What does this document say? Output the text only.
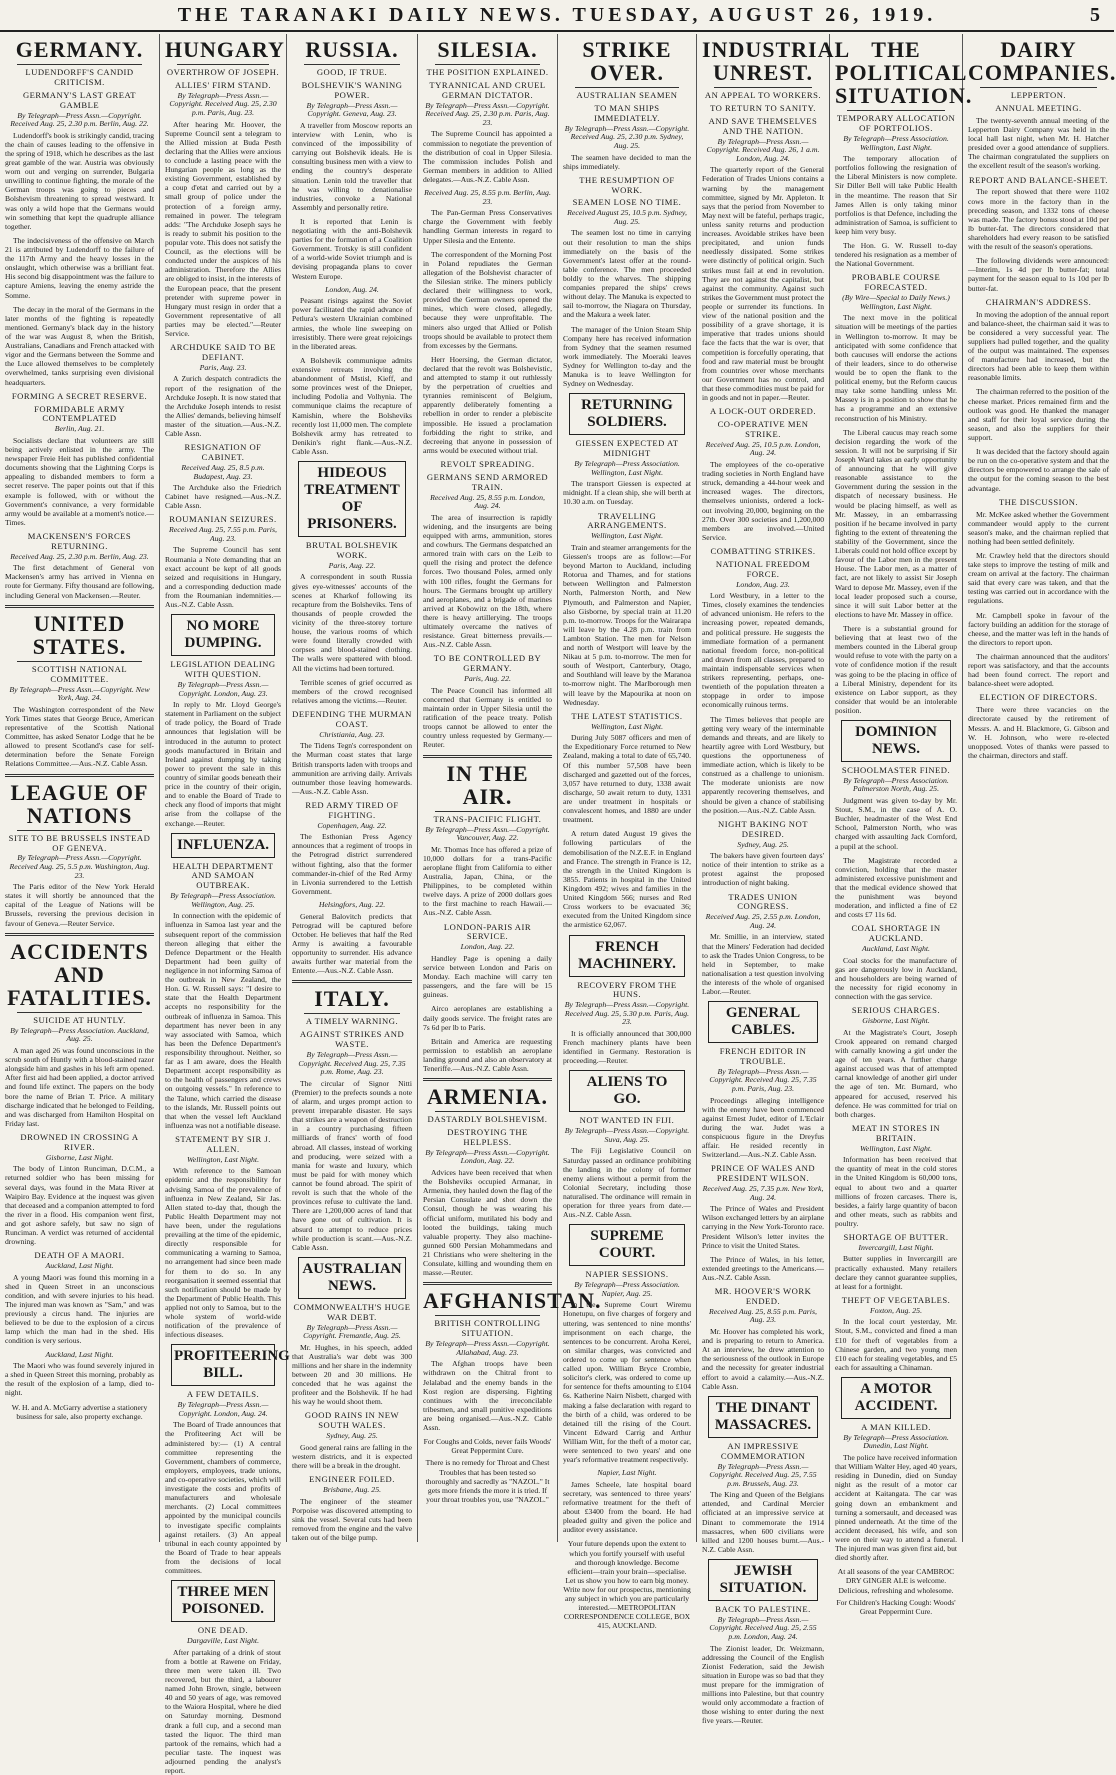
THE TARANAKI DAILY NEWS. TUESDAY, AUGUST 26, 1919.	5
GERMANY.
LUDENDORFF'S CANDID CRITICISM.
GERMANY'S LAST GREAT GAMBLE
By Telegraph—Press Assn.—Copyright. Received Aug. 25, 2.30 p.m. Berlin, Aug. 22.
Ludendorff's book is strikingly candid, tracing the chain of causes leading to the offensive in the spring of 1918, which he describes as the last great gamble of the war. Austria was obviously worn out and verging on surrender, Bulgaria unwilling to continue fighting, the morale of the German troops was going to pieces and Bolshevism threatening to spread westward. It was only a wild hope that the Germans would win something that kept the quadruple alliance together.
The indecisiveness of the offensive on March 21 is attributed by Ludendorff to the failure of the 117th Army and the heavy losses in the onslaught, which otherwise was a brilliant feat. His second big disappointment was the failure to capture Amiens, leaving the enemy astride the Somme.
The decay in the moral of the Germans in the later months of the fighting is repeatedly mentioned. Germany's black day in the history of the war was August 8, when the British, Australians, Canadians and French attacked with vigor and the Germans between the Somme and the Luce allowed themselves to be completely overwhelmed, tanks surprising even divisional headquarters.
FORMING A SECRET RESERVE.
FORMIDABLE ARMY CONTEMPLATED
Berlin, Aug. 21.
Socialists declare that volunteers are still being actively enlisted in the army. The newspaper Freie Heit has published confidential documents showing that the Lightning Corps is appealing to disbanded members to form a secret reserve. The paper points out that if this example is followed, with or without the Government's connivance, a very formidable army would be available at a moment's notice.—Times.
MACKENSEN'S FORCES RETURNING.
Received Aug. 25, 2.30 p.m. Berlin, Aug. 23.
The first detachment of General von Mackensen's army has arrived in Vienna en route for Germany. Fifty thousand are following, including General von Mackensen.—Reuter.
UNITED STATES.
SCOTTISH NATIONAL COMMITTEE.
By Telegraph—Press Assn.—Copyright. New York, Aug. 24.
The Washington correspondent of the New York Times states that George Bruce, American representative of the Scottish National Committee, has asked Senator Lodge that he be allowed to present Scotland's case for self-determination before the Senate Foreign Relations Committee.—Aus.-N.Z. Cable Assn.
LEAGUE OF NATIONS
SITE TO BE BRUSSELS INSTEAD OF GENEVA.
By Telegraph—Press Assn.—Copyright. Received Aug. 25, 5.5 p.m. Washington, Aug. 23.
The Paris editor of the New York Herald states it will shortly be announced that the capital of the League of Nations will be Brussels, reversing the previous decision in favour of Geneva.—Reuter Service.
ACCIDENTS AND FATALITIES.
SUICIDE AT HUNTLY.
By Telegraph—Press Association. Auckland, Aug. 25.
A man aged 26 was found unconscious in the scrub south of Huntly with a blood-stained razor alongside him and gashes in his left arm opened. After first aid had been applied, a doctor arrived and found life extinct. The papers on the body bore the name of Brian T. Price. A military discharge indicated that he belonged to Feilding, and was discharged from Hamilton Hospital on Friday last.
DROWNED IN CROSSING A RIVER.
Gisborne, Last Night.
The body of Linton Runciman, D.C.M., a returned soldier who has been missing for several days, was found in the Mata River at Waipiro Bay. Evidence at the inquest was given that deceased and a companion attempted to ford the river in a flood. His companion went first, and got ashore safely, but saw no sign of Runciman. A verdict was returned of accidental drowning.
DEATH OF A MAORI.
Auckland, Last Night.
A young Maori was found this morning in a shed in Queen Street in an unconscious condition, and with severe injuries to his head. The injured man was known as "Sam," and was previously a circus hand. The injuries are believed to be due to the explosion of a circus lamp which the man had in the shed. His condition is very serious.
Auckland, Last Night.
The Maori who was found severely injured in a shed in Queen Street this morning, probably as the result of the explosion of a lamp, died to-night.
W. H. and A. McGarry advertise a stationery business for sale, also property exchange.
HUNGARY
OVERTHROW OF JOSEPH.
ALLIES' FIRM STAND.
By Telegraph—Press Assn.—Copyright. Received Aug. 25, 2.30 p.m. Paris, Aug. 23.
After hearing Mr. Hoover, the Supreme Council sent a telegram to the Allied mission at Buda Pesth declaring that the Allies were anxious to conclude a lasting peace with the Hungarian people as long as the existing Government, established by a coup d'etat and carried out by a small group of police under the protection of a foreign army, remained in power. The telegram adds: "The Archduke Joseph says he is ready to submit his position to the popular vote. This does not satisfy the Council, as the elections will be conducted under the auspices of his administration. Therefore the Allies are obliged to insist, in the interests of the European peace, that the present pretender with supreme power in Hungary must resign in order that a Government representative of all parties may be elected."—Reuter Service.
ARCHDUKE SAID TO BE DEFIANT.
Paris, Aug. 23.
A Zurich despatch contradicts the report of the resignation of the Archduke Joseph. It is now stated that the Archduke Joseph intends to resist the Allies' demands, believing himself master of the situation.—Aus.-N.Z. Cable Assn.
RESIGNATION OF CABINET.
Received Aug. 25, 8.5 p.m. Budapest, Aug. 23.
The Archduke also the Friedrich Cabinet have resigned.—Aus.-N.Z. Cable Assn.
ROUMANIAN SEIZURES.
Received Aug. 25, 7.55 p.m. Paris, Aug. 23.
The Supreme Council has sent Roumania a Note demanding that an exact account be kept of all goods seized and requisitions in Hungary, and a corresponding deduction made from the Roumanian indemnities.—Aus.-N.Z. Cable Assn.
NO MORE DUMPING.
LEGISLATION DEALING WITH QUESTION.
By Telegraph—Press Assn.—Copyright. London, Aug. 23.
In reply to Mr. Lloyd George's statement in Parliament on the subject of trade policy, the Board of Trade announces that legislation will be introduced in the autumn to protect goods manufactured in Britain and Ireland against dumping by taking power to prevent the sale in this country of similar goods beneath their price in the country of their origin, and to enable the Board of Trade to check any flood of imports that might arise from the collapse of the exchange.—Reuter.
INFLUENZA.
HEALTH DEPARTMENT AND SAMOAN OUTBREAK.
By Telegraph—Press Association. Wellington, Aug. 25.
In connection with the epidemic of influenza in Samoa last year and the subsequent report of the commission thereon alleging that either the Defence Department or the Health Department had been guilty of negligence in not informing Samoa of the outbreak in New Zealand, the Hon. G. W. Russell says: "I desire to state that the Health Department accepts no responsibility for the outbreak of influenza in Samoa. This department has never been in any way associated with Samoa, which has been the Defence Department's responsibility throughout. Neither, so far as I am aware, does the Health Department accept responsibility as to the health of passengers and crews on outgoing vessels." In reference to the Talune, which carried the disease to the islands, Mr. Russell points out that when the vessel left Auckland influenza was not a notifiable disease.
STATEMENT BY SIR J. ALLEN.
Wellington, Last Night.
With reference to the Samoan epidemic and the responsibility for advising Samoa of the prevalence of influenza in New Zealand, Sir Jas. Allen stated to-day that, though the Public Health Department may not have been, under the regulations prevailing at the time of the epidemic, directly responsible for communicating a warning to Samoa, no arrangement had since been made for them to do so. In any reorganisation it seemed essential that such notification should be made by the Department of Public Health. This applied not only to Samoa, but to the whole system of world-wide notification of the prevalence of infectious diseases.
PROFITEERING BILL.
A FEW DETAILS.
By Telegraph—Press Assn.—Copyright. London, Aug. 24.
The Board of Trade announces that the Profiteering Act will be administered by:— (1) A central committee representing the Government, chambers of commerce, employers, employees, trade unions, and co-operative societies, which will investigate the costs and profits of manufacturers and wholesale merchants. (2) Local committees appointed by the municipal councils to investigate specific complaints against retailers. (3) An appeal tribunal in each county appointed by the Board of Trade to hear appeals from the decisions of local committees.
THREE MEN POISONED.
ONE DEAD.
Dargaville, Last Night.
After partaking of a drink of stout from a bottle at Rawene on Friday, three men were taken ill. Two recovered, but the third, a labourer named John Brown, single, between 40 and 50 years of age, was removed to the Waiora Hospital, where he died on Saturday morning. Desmond drank a full cup, and a second man tasted the liquor. The third man partook of the remains, which had a peculiar taste. The inquest was adjourned pending the analyst's report.
RUSSIA.
GOOD, IF TRUE.
BOLSHEVIK'S WANING POWER.
By Telegraph—Press Assn.—Copyright. Geneva, Aug. 23.
A traveller from Moscow reports an interview with Lenin, who is convinced of the impossibility of carrying out Bolshevik ideals. He is consulting business men with a view to ending the country's desperate situation. Lenin told the traveller that he was willing to denationalise industries, convoke a National Assembly and personally retire.
It is reported that Lenin is negotiating with the anti-Bolshevik parties for the formation of a Coalition Government. Trotsky is still confident of a world-wide Soviet triumph and is devising propaganda plans to cover Western Europe.
London, Aug. 24.
Peasant risings against the Soviet power facilitated the rapid advance of Petlura's western Ukrainian combined armies, the whole line sweeping on irresistibly. There were great rejoicings in the liberated areas.
A Bolshevik communique admits extensive retreats involving the abandonment of Mstisl, Kieff, and some provinces west of the Dnieper, including Podolia and Volhynia. The communique claims the recapture of Kamishin, where the Bolsheviks recently lost 11,000 men. The complete Bolshevik army has retreated to Denikin's right flank.—Aus.-N.Z. Cable Assn.
HIDEOUS TREATMENT OF PRISONERS.
BRUTAL BOLSHEVIK WORK.
Paris, Aug. 22.
A correspondent in south Russia gives eye-witnesses' accounts of the scenes at Kharkof following its recapture from the Bolsheviks. Tens of thousands of people crowded the vicinity of the three-storey torture house, the various rooms of which were found literally crowded with corpses and blood-stained clothing. The walls were spattered with blood. All the victims had been tortured.
Terrible scenes of grief occurred as members of the crowd recognised relatives among the victims.—Reuter.
DEFENDING THE MURMAN COAST.
Christiania, Aug. 23.
The Tidens Tegn's correspondent on the Murman coast states that large British transports laden with troops and ammunition are arriving daily. Arrivals outnumber those leaving homewards.—Aus.-N.Z. Cable Assn.
RED ARMY TIRED OF FIGHTING.
Copenhagen, Aug. 22.
The Esthonian Press Agency announces that a regiment of troops in the Petrograd district surrendered without fighting, also that the former commander-in-chief of the Red Army in Livonia surrendered to the Lettish Government.
Helsingfors, Aug. 22.
General Balovitch predicts that Petrograd will be captured before October. He believes that half the Red Army is awaiting a favourable opportunity to surrender. His advance awaits further war material from the Entente.—Aus.-N.Z. Cable Assn.
ITALY.
A TIMELY WARNING.
AGAINST STRIKES AND WASTE.
By Telegraph—Press Assn.—Copyright. Received Aug. 25, 7.35 p.m. Rome, Aug. 23.
The circular of Signor Nitti (Premier) to the prefects sounds a note of alarm, and urges prompt action to prevent irreparable disaster. He says that strikes are a weapon of destruction in a country purchasing fifteen milliards of francs' worth of food abroad. All classes, instead of working and producing, were seized with a mania for waste and luxury, which must be paid for with money which cannot be found abroad. The spirit of revolt is such that the whole of the provinces refuse to cultivate the land. There are 1,200,000 acres of land that have gone out of cultivation. It is absurd to attempt to reduce prices while production is scant.—Aus.-N.Z. Cable Assn.
AUSTRALIAN NEWS.
COMMONWEALTH'S HUGE WAR DEBT.
By Telegraph—Press Assn.—Copyright. Fremantle, Aug. 25.
Mr. Hughes, in his speech, added that Australia's war debt was 300 millions and her share in the indemnity between 20 and 30 millions. He conceded that he was against the profiteer and the Bolshevik. If he had his way he would shoot them.
GOOD RAINS IN NEW SOUTH WALES.
Sydney, Aug. 25.
Good general rains are falling in the western districts, and it is expected there will be a break in the drought.
ENGINEER FOILED.
Brisbane, Aug. 25.
The engineer of the steamer Porpoise was discovered attempting to sink the vessel. Several cuts had been removed from the engine and the valve taken out of the bilge pump.
SILESIA.
THE POSITION EXPLAINED.
TYRANNICAL AND CRUEL GERMAN DICTATOR.
By Telegraph—Press Assn.—Copyright. Received Aug. 25, 2.30 p.m. Paris, Aug. 23.
The Supreme Council has appointed a commission to negotiate the prevention of the distribution of coal in Upper Silesia. The commission includes Polish and German members in addition to Allied delegates.—Aus.-N.Z. Cable Assn.
Received Aug. 25, 8.55 p.m. Berlin, Aug. 23.
The Pan-German Press Conservatives charge the Government with feebly handling German interests in regard to Upper Silesia and the Entente.
The correspondent of the Morning Post in Poland repudiates the German allegation of the Bolshevist character of the Silesian strike. The miners publicly declared their willingness to work, provided the German owners opened the mines, which were closed, allegedly, because they were unprofitable. The miners also urged that Allied or Polish troops should be available to protect them from excesses by the Germans.
Herr Hoersing, the German dictator, declared that the revolt was Bolshevistic, and attempted to stamp it out ruthlessly by the perpetration of cruelties and tyrannies reminiscent of Belgium, apparently deliberately fomenting a rebellion in order to render a plebiscite impossible. He issued a proclamation forbidding the right to strike, and decreeing that anyone in possession of arms would be executed without trial.
REVOLT SPREADING.
GERMANS SEND ARMORED TRAIN.
Received Aug. 25, 8.55 p.m. London, Aug. 24.
The area of insurrection is rapidly widening, and the insurgents are being equipped with arms, ammunition, stores and cowhurs. The Germans despatched an armored train with cars on the Leib to quell the rising and protect the defence forces. Two thousand Poles, armed only with 100 rifles, fought the Germans for hours. The Germans brought up artillery and aeroplanes, and a brigade of marines arrived at Kobowitz on the 18th, where there is heavy artillerying. The troops ultimately overcame the natives of resistance. Great bitterness prevails.—Aus.-N.Z. Cable Assn.
TO BE CONTROLLED BY GERMANY.
Paris, Aug. 22.
The Peace Council has informed all concerned that Germany is entitled to maintain order in Upper Silesia until the ratification of the peace treaty. Polish troops cannot be allowed to enter the country unless requested by Germany.—Reuter.
IN THE AIR.
TRANS-PACIFIC FLIGHT.
By Telegraph—Press Assn.—Copyright. Vancouver, Aug. 22.
Mr. Thomas Ince has offered a prize of 10,000 dollars for a trans-Pacific aeroplane flight from California to either Australia, Japan, China, or the Philippines, to be completed within twelve days. A prize of 2000 dollars goes to the first machine to reach Hawaii.—Aus.-N.Z. Cable Assn.
LONDON-PARIS AIR SERVICE.
London, Aug. 22.
Handley Page is opening a daily service between London and Paris on Monday. Each machine will carry ten passengers, and the fare will be 15 guineas.
Airco aeroplanes are establishing a daily goods service. The freight rates are 7s 6d per lb to Paris.
Britain and America are requesting permission to establish an aeroplane landing ground and also an observatory at Teneriffe.—Aus.-N.Z. Cable Assn.
ARMENIA.
DASTARDLY BOLSHEVISM.
DESTROYING THE HELPLESS.
By Telegraph—Press Assn.—Copyright. London, Aug. 22.
Advices have been received that when the Bolsheviks occupied Armanar, in Armenia, they hauled down the flag of the Persian Consulate and shot down the Consul, though he was wearing his official uniform, mutilated his body and looted the buildings, taking much valuable property. They also machine-gunned 600 Persian Mohammedans and 21 Christians who were sheltering in the Consulate, killing and wounding them en masse.—Reuter.
AFGHANISTAN.
BRITISH CONTROLLING SITUATION.
By Telegraph—Press Assn.—Copyright. Allahabad, Aug. 23.
The Afghan troops have been withdrawn on the Chitral front to Jelalabad and the enemy bands in the Kost region are dispersing. Fighting continues with the irreconcilable tribesmen, and small punitive expeditions are being organised.—Aus.-N.Z. Cable Assn.
For Coughs and Colds, never fails Woods' Great Peppermint Cure.
There is no remedy for Throat and Chest Troubles that has been tested so thoroughly and sacredly as "NAZOL." It gets more friends the more it is tried. If your throat troubles you, use "NAZOL."
STRIKE OVER.
AUSTRALIAN SEAMEN
TO MAN SHIPS IMMEDIATELY.
By Telegraph—Press Assn.—Copyright. Received Aug. 25, 2.30 p.m. Sydney, Aug. 25.
The seamen have decided to man the ships immediately.
THE RESUMPTION OF WORK.
SEAMEN LOSE NO TIME.
Received August 25, 10.5 p.m. Sydney, Aug. 25.
The seamen lost no time in carrying out their resolution to man the ships immediately on the basis of the Government's latest offer at the round-table conference. The men proceeded boldly to the wharves. The shipping companies prepared the ships' crews without delay. The Manuka is expected to sail to-morrow, the Niagara on Thursday, and the Makura a week later.
The manager of the Union Steam Ship Company here has received information from Sydney that the seamen resumed work immediately. The Moeraki leaves Sydney for Wellington to-day and the Manuka is to leave Wellington for Sydney on Wednesday.
RETURNING SOLDIERS.
GIESSEN EXPECTED AT MIDNIGHT
By Telegraph—Press Association. Wellington, Last Night.
The transport Giessen is expected at midnight. If a clean ship, she will berth at 10.30 a.m. on Tuesday.
TRAVELLING ARRANGEMENTS.
Wellington, Last Night.
Train and steamer arrangements for the Giessen's troops are as follow:—For beyond Marton to Auckland, including Rotorua and Thames, and for stations between Wellington and Palmerston North, Palmerston North, and New Plymouth, and Palmerston and Napier, also Gisborne, by special train at 11.20 p.m. to-morrow. Troops for the Wairarapa will leave by the 4.28 p.m. train from Lambton Station. The men for Nelson and north of Westport will leave by the Nikau at 5 p.m. to-morrow. The men for south of Westport, Canterbury, Otago, and Southland will leave by the Maranoa to-morrow night. The Marlborough men will leave by the Mapourika at noon on Wednesday.
THE LATEST STATISTICS.
Wellington, Last Night.
During July 5087 officers and men of the Expeditionary Force returned to New Zealand, making a total to date of 65,740. Of this number 57,508 have been discharged and gazetted out of the forces, 3,057 have returned to duty, 1338 await discharge, 50 await return to duty, 1331 are under treatment in hospitals or convalescent homes, and 1880 are under treatment.
A return dated August 19 gives the following particulars of the demobilisation of the N.Z.E.F. in England and France. The strength in France is 12, the strength in the United Kingdom is 3855. Patients in hospital in the United Kingdom 492; wives and families in the United Kingdom 566; nurses and Red Cross workers to be evacuated 36; executed from the United Kingdom since the armistice 62,067.
FRENCH MACHINERY.
RECOVERY FROM THE HUNS.
By Telegraph—Press Assn.—Copyright. Received Aug. 25, 5.30 p.m. Paris, Aug. 23.
It is officially announced that 300,000 French machinery plants have been identified in Germany. Restoration is proceeding.—Reuter.
ALIENS TO GO.
NOT WANTED IN FIJI.
By Telegraph—Press Assn.—Copyright. Suva, Aug. 25.
The Fiji Legislative Council on Saturday passed an ordinance prohibiting the landing in the colony of former enemy aliens without a permit from the Colonial Secretary, including those naturalised. The ordinance will remain in operation for three years from date.—Aus.-N.Z. Cable Assn.
SUPREME COURT.
NAPIER SESSIONS.
By Telegraph—Press Association. Napier, Aug. 25.
In the Supreme Court Wiremu Honetupu, on five charges of forgery and uttering, was sentenced to nine months' imprisonment on each charge, the sentences to be concurrent. Aroha Kerei, on similar charges, was convicted and ordered to come up for sentence when called upon. William Bryce Crombie, solicitor's clerk, was ordered to come up for sentence for thefts amounting to £104 6s. Katherine Nairn Nisbett, charged with making a false declaration with regard to the birth of a child, was ordered to be detained till the rising of the Court. Vincent Edward Carrig and Arthur William Witt, for the theft of a motor car, were sentenced to two years' and one year's reformative treatment respectively.
Napier, Last Night.
James Scheele, late hospital board secretary, was sentenced to three years' reformative treatment for the theft of about £3400 from the board. He had pleaded guilty and given the police and auditor every assistance.
Your future depends upon the extent to which you fortify yourself with useful and thorough knowledge. Become efficient—train your brain—specialise. Let us show you how to earn big money. Write now for our prospectus, mentioning any subject in which you are particularly interested.—METROPOLITAN CORRESPONDENCE COLLEGE, BOX 415, AUCKLAND.
INDUSTRIAL UNREST.
AN APPEAL TO WORKERS.
TO RETURN TO SANITY.
AND SAVE THEMSELVES AND THE NATION.
By Telegraph—Press Assn.—Copyright. Received Aug. 26, 1 a.m. London, Aug. 24.
The quarterly report of the General Federation of Trades Unions contains a warning by the management committee, signed by Mr. Appleton. It says that the period from November to May next will be fateful, perhaps tragic, unless sanity returns and production increases. Avoidable strikes have been precipitated, and union funds needlessly dissipated. Some strikes were distinctly of political origin. Such strikes must fail at end in revolution. They are not against the capitalist, but against the community. Against such strikes the Government must protect the people or surrender its functions. In view of the national position and the possibility of a grave shortage, it is imperative that trades unions should face the facts that the war is over, that competition is forcefully operating, that food and raw material must be brought from countries over whose merchants our Government has no control, and that these commodities must be paid for in goods and not in paper.—Reuter.
A LOCK-OUT ORDERED.
CO-OPERATIVE MEN STRIKE.
Received Aug. 25, 10.5 p.m. London, Aug. 24.
The employees of the co-operative trading societies in North England have struck, demanding a 44-hour week and increased wages. The directors, themselves unionists, ordered a lock-out involving 20,000, beginning on the 27th. Over 300 societies and 1,200,000 members are involved.—United Service.
COMBATTING STRIKES.
NATIONAL FREEDOM FORCE.
London, Aug. 23.
Lord Westbury, in a letter to the Times, closely examines the tendencies of advanced unionism. He refers to the increasing power, repeated demands, and political pressure. He suggests the immediate formation of a permanent national freedom force, non-political and drawn from all classes, prepared to maintain indispensable services when strikers representing, perhaps, one-twentieth of the population threaten a stoppage in order to impose economically ruinous terms.
The Times believes that people are getting very weary of the interminable demands and threats, and are likely to heartily agree with Lord Westbury, but questions the opportuneness of immediate action, which is likely to be construed as a challenge to unionism. The moderate unionists are now apparently recovering themselves, and should be given a chance of stabilising the position.—Aus.-N.Z. Cable Assn.
NIGHT BAKING NOT DESIRED.
Sydney, Aug. 25.
The bakers have given fourteen days' notice of their intention to strike as a protest against the proposed introduction of night baking.
TRADES UNION CONGRESS.
Received Aug. 25, 2.55 p.m. London, Aug. 24.
Mr. Smillie, in an interview, stated that the Miners' Federation had decided to ask the Trades Union Congress, to be held in September, to make nationalisation a test question involving the interests of the whole of organised Labor.—Reuter.
GENERAL CABLES.
FRENCH EDITOR IN TROUBLE.
By Telegraph—Press Assn.—Copyright. Received Aug. 25, 7.35 p.m. Paris, Aug. 23.
Proceedings alleging intelligence with the enemy have been commenced against Ernest Judet, editor of L'Eclair during the war. Judet was a conspicuous figure in the Dreyfus affair. He resided recently in Switzerland.—Aus.-N.Z. Cable Assn.
PRINCE OF WALES AND PRESIDENT WILSON.
Received Aug. 25, 7.35 p.m. New York, Aug. 24.
The Prince of Wales and President Wilson exchanged letters by an airplane carrying in the New York-Toronto race. President Wilson's letter invites the Prince to visit the United States.
The Prince of Wales, in his letter, extended greetings to the Americans.—Aus.-N.Z. Cable Assn.
MR. HOOVER'S WORK ENDED.
Received Aug. 25, 8.55 p.m. Paris, Aug. 23.
Mr. Hoover has completed his work, and is preparing to return to America. At an interview, he drew attention to the seriousness of the outlook in Europe and the necessity for greater industrial effort to avoid a calamity.—Aus.-N.Z. Cable Assn.
THE DINANT MASSACRES.
AN IMPRESSIVE COMMEMORATION
By Telegraph—Press Assn.—Copyright. Received Aug. 25, 7.55 p.m. Brussels, Aug. 23.
The King and Queen of the Belgians attended, and Cardinal Mercier officiated at an impressive service at Dinant to commemorate the 1914 massacres, when 600 civilians were killed and 1200 houses burnt.—Aus.-N.Z. Cable Assn.
JEWISH SITUATION.
BACK TO PALESTINE.
By Telegraph—Press Assn.—Copyright. Received Aug. 25, 2.55 p.m. London, Aug. 24.
The Zionist leader, Dr. Weizmann, addressing the Council of the English Zionist Federation, said the Jewish situation in Europe was so bad that they must prepare for the immigration of millions into Palestine, but that country would only accommodate a fraction of those wishing to enter during the next five years.—Reuter.
THE POLITICAL SITUATION.
TEMPORARY ALLOCATION OF PORTFOLIOS.
By Telegraph—Press Association. Wellington, Last Night.
The temporary allocation of portfolios following the resignation of the Liberal Ministers is now complete. Sir Diller Bell will take Public Health in the meantime. The reason that Sir James Allen is only taking minor portfolios is that Defence, including the administration of Samoa, is sufficient to keep him very busy.
The Hon. G. W. Russell to-day tendered his resignation as a member of the National Government.
PROBABLE COURSE FORECASTED.
(By Wire—Special to Daily News.) Wellington, Last Night.
The next move in the political situation will be meetings of the parties in Wellington to-morrow. It may be anticipated with some confidence that both caucuses will endorse the actions of their leaders, since to do otherwise would be to open the flank to the political enemy, but the Reform caucus may take some handling unless Mr. Massey is in a position to show that he has a programme and an extensive reconstruction of his Ministry.
The Liberal caucus may reach some decision regarding the work of the session. It will not be surprising if Sir Joseph Ward takes an early opportunity of announcing that he will give reasonable assistance to the Government during the session in the dispatch of necessary business. He would be placing himself, as well as Mr. Massey, in an embarrassing position if he became involved in party fighting to the extent of threatening the stability of the Government, since the Liberals could not hold office except by favour of the Labor men in the present House. The Labor men, as a matter of fact, are not likely to assist Sir Joseph Ward to depose Mr. Massey, even if the local leader proposed such a course, since it will suit Labor better at the elections to have Mr. Massey in office.
There is a substantial ground for believing that at least two of the members counted in the Liberal group would refuse to vote with the party on a vote of confidence motion if the result was going to be the placing in office of a Liberal Ministry, dependent for its existence on Labor support, as they consider that would be an intolerable position.
DOMINION NEWS.
SCHOOLMASTER FINED.
By Telegraph—Press Association. Palmerston North, Aug. 25.
Judgment was given to-day by Mr. Stout, S.M., in the case of A. O. Buchler, headmaster of the West End School, Palmerston North, who was charged with assaulting Jack Cornford, a pupil at the school.
The Magistrate recorded a conviction, holding that the master administered excessive punishment and that the medical evidence showed that the punishment was beyond moderation, and inflicted a fine of £2 and costs £7 11s 6d.
COAL SHORTAGE IN AUCKLAND.
Auckland, Last Night.
Coal stocks for the manufacture of gas are dangerously low in Auckland, and householders are being warned of the necessity for rigid economy in connection with the gas service.
SERIOUS CHARGES.
Gisborne, Last Night.
At the Magistrate's Court, Joseph Crook appeared on remand charged with carnally knowing a girl under the age of ten years. A further charge against accused was that of attempted carnal knowledge of another girl under the age of ten. Mr. Burnard, who appeared for accused, reserved his defence. He was committed for trial on both charges.
MEAT IN STORES IN BRITAIN.
Wellington, Last Night.
Information has been received that the quantity of meat in the cold stores in the United Kingdom is 60,000 tons, equal to about two and a quarter millions of frozen carcases. There is, besides, a fairly large quantity of bacon and other meats, such as rabbits and poultry.
SHORTAGE OF BUTTER.
Invercargill, Last Night.
Butter supplies in Invercargill are practically exhausted. Many retailers declare they cannot guarantee supplies, at least for a fortnight.
THEFT OF VEGETABLES.
Foxton, Aug. 25.
In the local court yesterday, Mr. Stout, S.M., convicted and fined a man £10 for theft of vegetables from a Chinese garden, and two young men £10 each for stealing vegetables, and £5 each for assaulting a Chinaman.
A MOTOR ACCIDENT.
A MAN KILLED.
By Telegraph—Press Association. Dunedin, Last Night.
The police have received information that William Walter Hey, aged 40 years, residing in Dunedin, died on Sunday night as the result of a motor car accident at Kaitangata. The car was going down an embankment and turning a somersault, and deceased was pinned underneath. At the time of the accident deceased, his wife, and son were on their way to attend a funeral. The injured man was given first aid, but died shortly after.
At all seasons of the year CAMBROC DRY GINGER ALE is welcome. Delicious, refreshing and wholesome.
For Children's Hacking Cough: Woods' Great Peppermint Cure.
DAIRY COMPANIES.
LEPPERTON.
ANNUAL MEETING.
The twenty-seventh annual meeting of the Lepperton Dairy Company was held in the local hall last night, when Mr. H. Hatcher presided over a good attendance of suppliers. The chairman congratulated the suppliers on the excellent result of the season's working.
REPORT AND BALANCE-SHEET.
The report showed that there were 1102 cows more in the factory than in the preceding season, and 1332 tons of cheese was made. The factory bonus stood at 10d per lb butter-fat. The directors considered that shareholders had every reason to be satisfied with the result of the season's operations.
The following dividends were announced:—Interim, 1s 4d per lb butter-fat; total payment for the season equal to 1s 10d per lb butter-fat.
CHAIRMAN'S ADDRESS.
In moving the adoption of the annual report and balance-sheet, the chairman said it was to be considered a very successful year. The suppliers had pulled together, and the quality of the output was maintained. The expenses of manufacture had increased, but the directors had been able to keep them within reasonable limits.
The chairman referred to the position of the cheese market. Prices remained firm and the outlook was good. He thanked the manager and staff for their loyal service during the season, and also the suppliers for their support.
It was decided that the factory should again be run on the co-operative system and that the directors be empowered to arrange the sale of the output for the coming season to the best advantage.
THE DISCUSSION.
Mr. McKee asked whether the Government commandeer would apply to the current season's make, and the chairman replied that nothing had been settled definitely.
Mr. Crawley held that the directors should take steps to improve the testing of milk and cream on arrival at the factory. The chairman said that every care was taken, and that the testing was carried out in accordance with the regulations.
Mr. Campbell spoke in favour of the factory building an addition for the storage of cheese, and the matter was left in the hands of the directors to report upon.
The chairman announced that the auditors' report was satisfactory, and that the accounts had been found correct. The report and balance-sheet were adopted.
ELECTION OF DIRECTORS.
There were three vacancies on the directorate caused by the retirement of Messrs. A. and H. Blackmore, G. Gibson and W. H. Johnson, who were re-elected unopposed. Votes of thanks were passed to the chairman, directors and staff.
